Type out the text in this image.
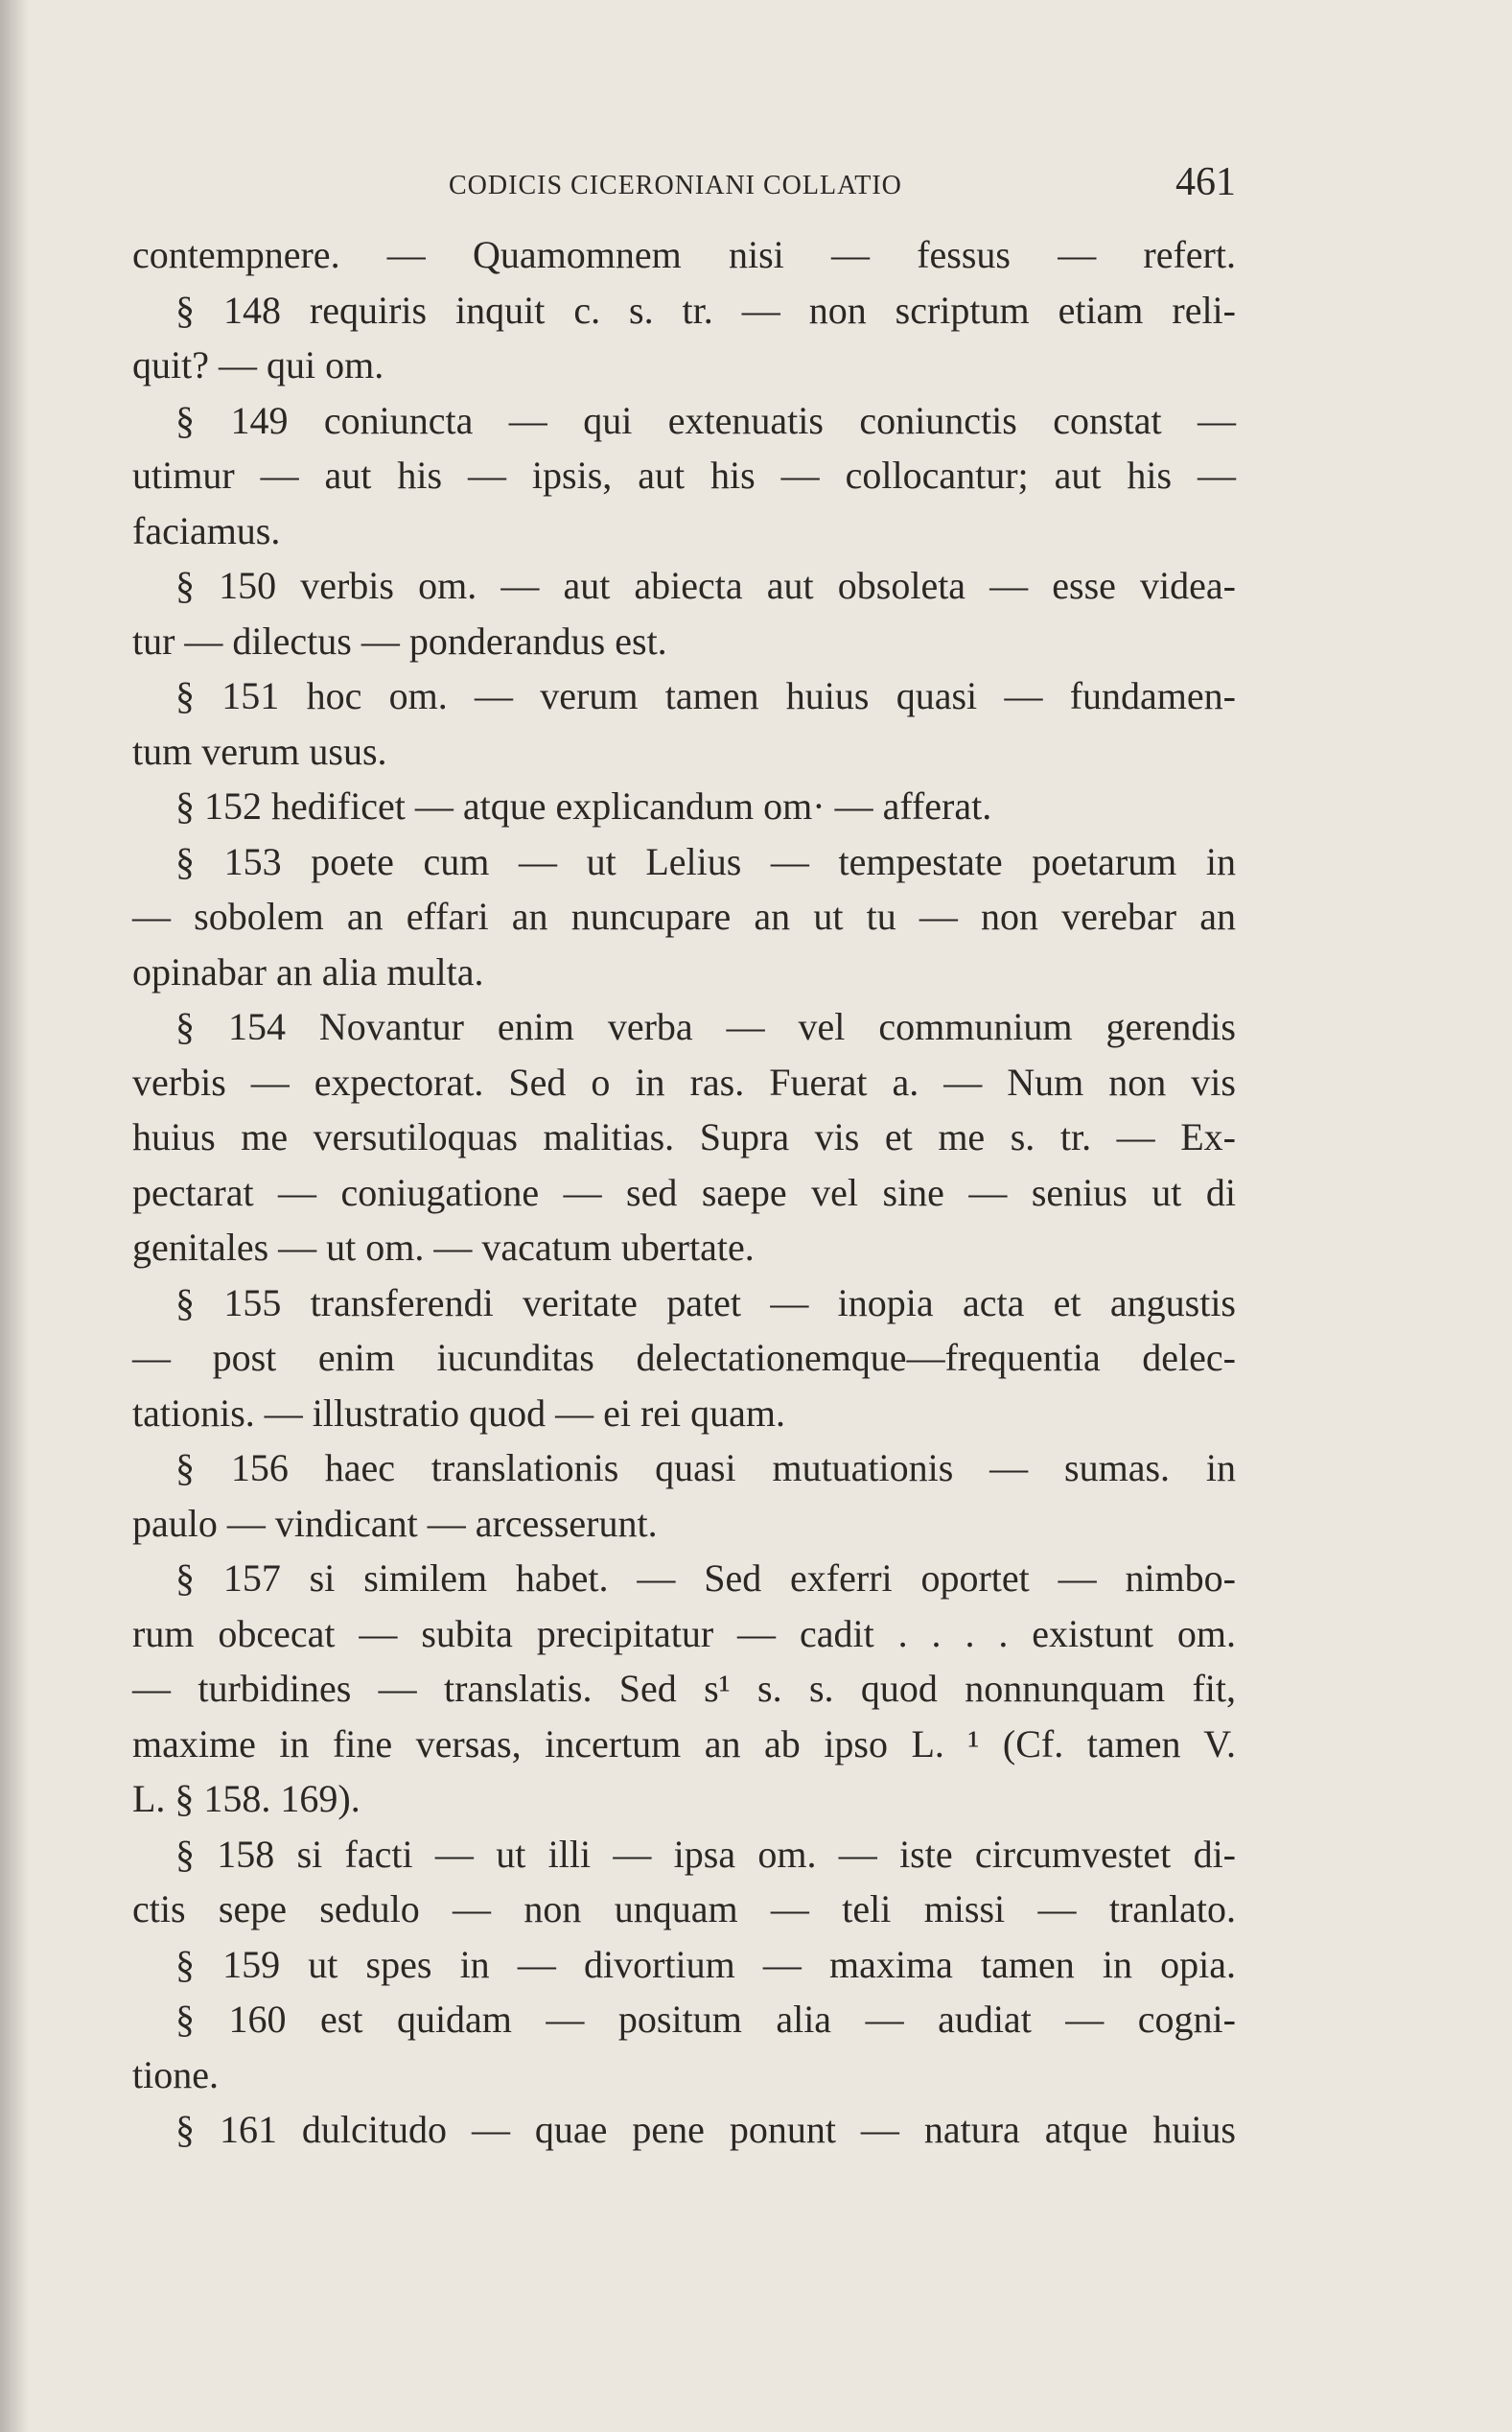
CODICIS CICERONIANI COLLATIO	461
contempnere. — Quamomnem nisi — fessus — refert.
§ 148 requiris inquit c. s. tr. — non scriptum etiam reli-
quit? — qui om.
§ 149 coniuncta — qui extenuatis coniunctis constat —
utimur — aut his — ipsis, aut his — collocantur; aut his —
faciamus.
§ 150 verbis om. — aut abiecta aut obsoleta — esse videa-
tur — dilectus — ponderandus est.
§ 151 hoc om. — verum tamen huius quasi — fundamen-
tum verum usus.
§ 152 hedificet — atque explicandum om· — afferat.
§ 153 poete cum — ut Lelius — tempestate poetarum in
— sobolem an effari an nuncupare an ut tu — non verebar an
opinabar an alia multa.
§ 154 Novantur enim verba — vel communium gerendis
verbis — expectorat. Sed o in ras. Fuerat a. — Num non vis
huius me versutiloquas malitias. Supra vis et me s. tr. — Ex-
pectarat — coniugatione — sed saepe vel sine — senius ut di
genitales — ut om. — vacatum ubertate.
§ 155 transferendi veritate patet — inopia acta et angustis
— post enim iucunditas delectationemque—frequentia delec-
tationis. — illustratio quod — ei rei quam.
§ 156 haec translationis quasi mutuationis — sumas. in
paulo — vindicant — arcesserunt.
§ 157 si similem habet. — Sed exferri oportet — nimbo-
rum obcecat — subita precipitatur — cadit . . . . existunt om.
— turbidines — translatis. Sed s¹ s. s. quod nonnunquam fit,
maxime in fine versas, incertum an ab ipso L. ¹ (Cf. tamen V.
L. § 158. 169).
§ 158 si facti — ut illi — ipsa om. — iste circumvestet di-
ctis sepe sedulo — non unquam — teli missi — tranlato.
§ 159 ut spes in — divortium — maxima tamen in opia.
§ 160 est quidam — positum alia — audiat — cogni-
tione.
§ 161 dulcitudo — quae pene ponunt — natura atque huius
